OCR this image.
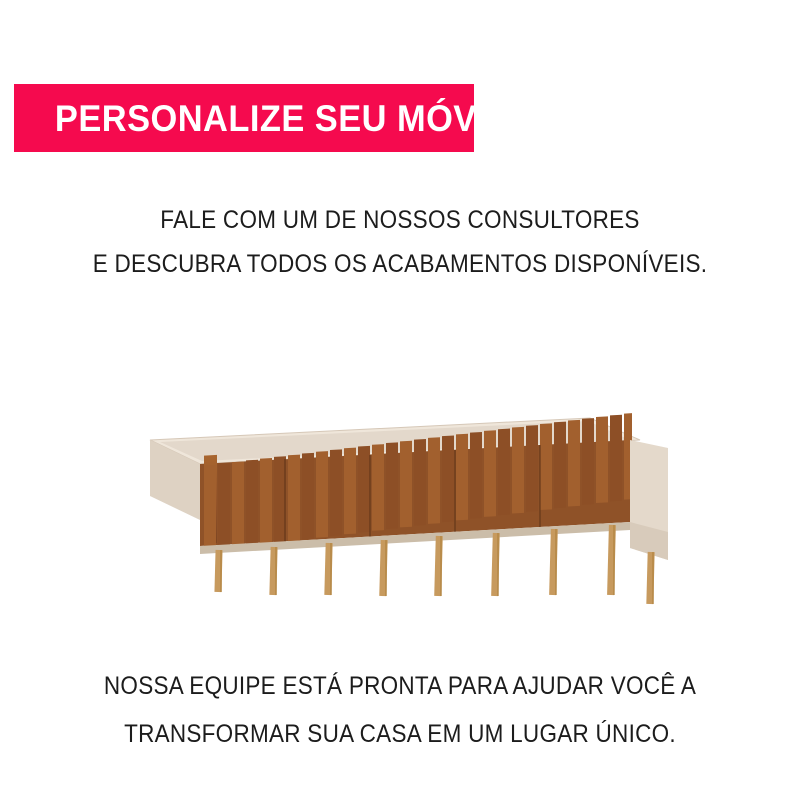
PERSONALIZE SEU MÓVEL
FALE COM UM DE NOSSOS CONSULTORES
E DESCUBRA TODOS OS ACABAMENTOS DISPONÍVEIS.
NOSSA EQUIPE ESTÁ PRONTA PARA AJUDAR VOCÊ A
TRANSFORMAR SUA CASA EM UM LUGAR ÚNICO.
